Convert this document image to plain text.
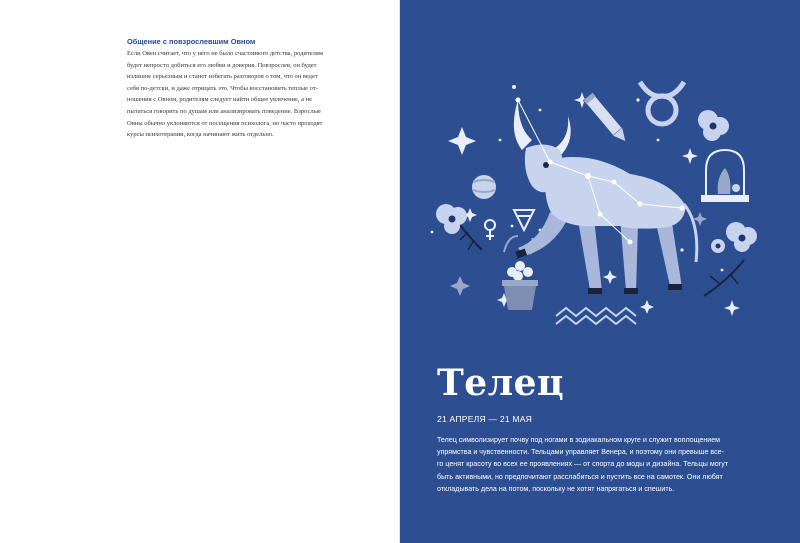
Общение с повзрослевшим Овном

Если Овен считает, что у него не было счастливого детства, родителям
будет непросто добиться его любви и доверия. Повзрослев, он будет
излишне серьезным и станет избегать разговоров о том, что он ведет
себя по-детски, и даже отрицать это. Чтобы восстановить теплые от-
ношения с Овном, родителям следует найти общее увлечение, а не
пытаться говорить по душам или анализировать поведение. Взрослые
Овны обычно уклоняются от посещения психолога, но часто проходят
курсы психотерапии, когда начинают жить отдельно.

Телец
21 АПРЕЛЯ — 21 МАЯ

Телец символизирует почву под ногами в зодиакальном круге и служит воплощением
упрямства и чувственности. Тельцами управляет Венера, и поэтому они превыше все-
го ценят красоту во всех ее проявлениях — от спорта до моды и дизайна. Тельцы могут
быть активными, но предпочитают расслабиться и пустить все на самотек. Они любят
откладывать дела на потом, поскольку не хотят напрягаться и спешить.
